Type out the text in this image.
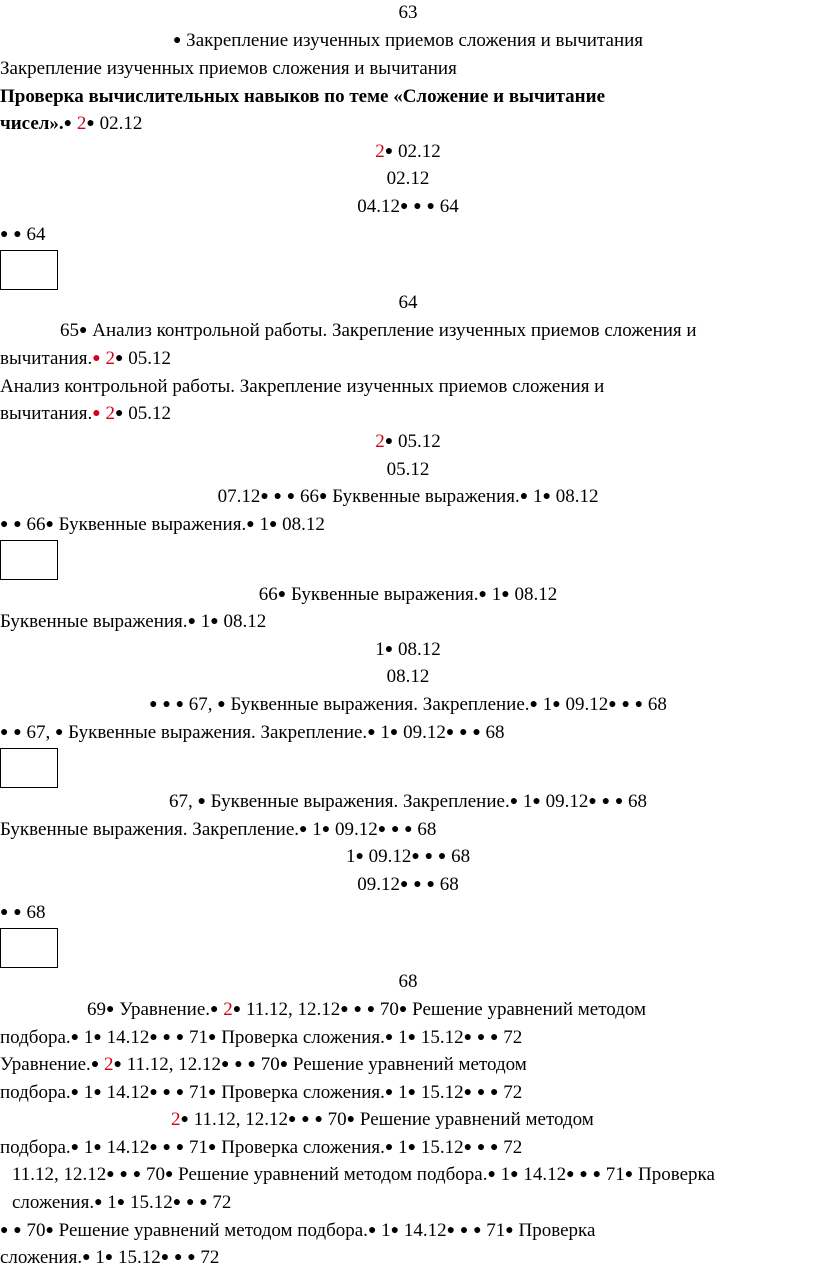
63
● Закрепление изученных приемов сложения и вычитания
Закрепление изученных приемов сложения и вычитания
Проверка вычислительных навыков по теме «Сложение и вычитание
чисел». ● 2 ● 02.12
2 ● 02.12
02.12
04.12 ● ● ● 64
● ● 64
64
65 ● Анализ контрольной работы. Закрепление изученных приемов сложения и
вычитания. ● 2 ● 05.12
Анализ контрольной работы. Закрепление изученных приемов сложения и
вычитания. ● 2 ● 05.12
2 ● 05.12
05.12
07.12 ● ● ● 66 ● Буквенные выражения. ● 1 ● 08.12
● ● 66 ● Буквенные выражения. ● 1 ● 08.12
66 ● Буквенные выражения. ● 1 ● 08.12
Буквенные выражения. ● 1 ● 08.12
1 ● 08.12
08.12
● ● ● 67, ● Буквенные выражения. Закрепление. ● 1 ● 09.12 ● ● ● 68
● ● 67, ● Буквенные выражения. Закрепление. ● 1 ● 09.12 ● ● ● 68
67, ● Буквенные выражения. Закрепление. ● 1 ● 09.12 ● ● ● 68
Буквенные выражения. Закрепление. ● 1 ● 09.12 ● ● ● 68
1 ● 09.12 ● ● ● 68
09.12 ● ● ● 68
● ● 68
68
69 ● Уравнение. ● 2 ● 11.12, 12.12 ● ● ● 70 ● Решение уравнений методом
подбора. ● 1 ● 14.12 ● ● ● 71 ● Проверка сложения. ● 1 ● 15.12 ● ● ● 72
Уравнение. ● 2 ● 11.12, 12.12 ● ● ● 70 ● Решение уравнений методом
подбора. ● 1 ● 14.12 ● ● ● 71 ● Проверка сложения. ● 1 ● 15.12 ● ● ● 72
2 ● 11.12, 12.12 ● ● ● 70 ● Решение уравнений методом
подбора. ● 1 ● 14.12 ● ● ● 71 ● Проверка сложения. ● 1 ● 15.12 ● ● ● 72
11.12, 12.12 ● ● ● 70 ● Решение уравнений методом подбора. ● 1 ● 14.12 ● ● ● 71 ● Проверка
сложения. ● 1 ● 15.12 ● ● ● 72
● ● 70 ● Решение уравнений методом подбора. ● 1 ● 14.12 ● ● ● 71 ● Проверка
сложения. ● 1 ● 15.12 ● ● ● 72
